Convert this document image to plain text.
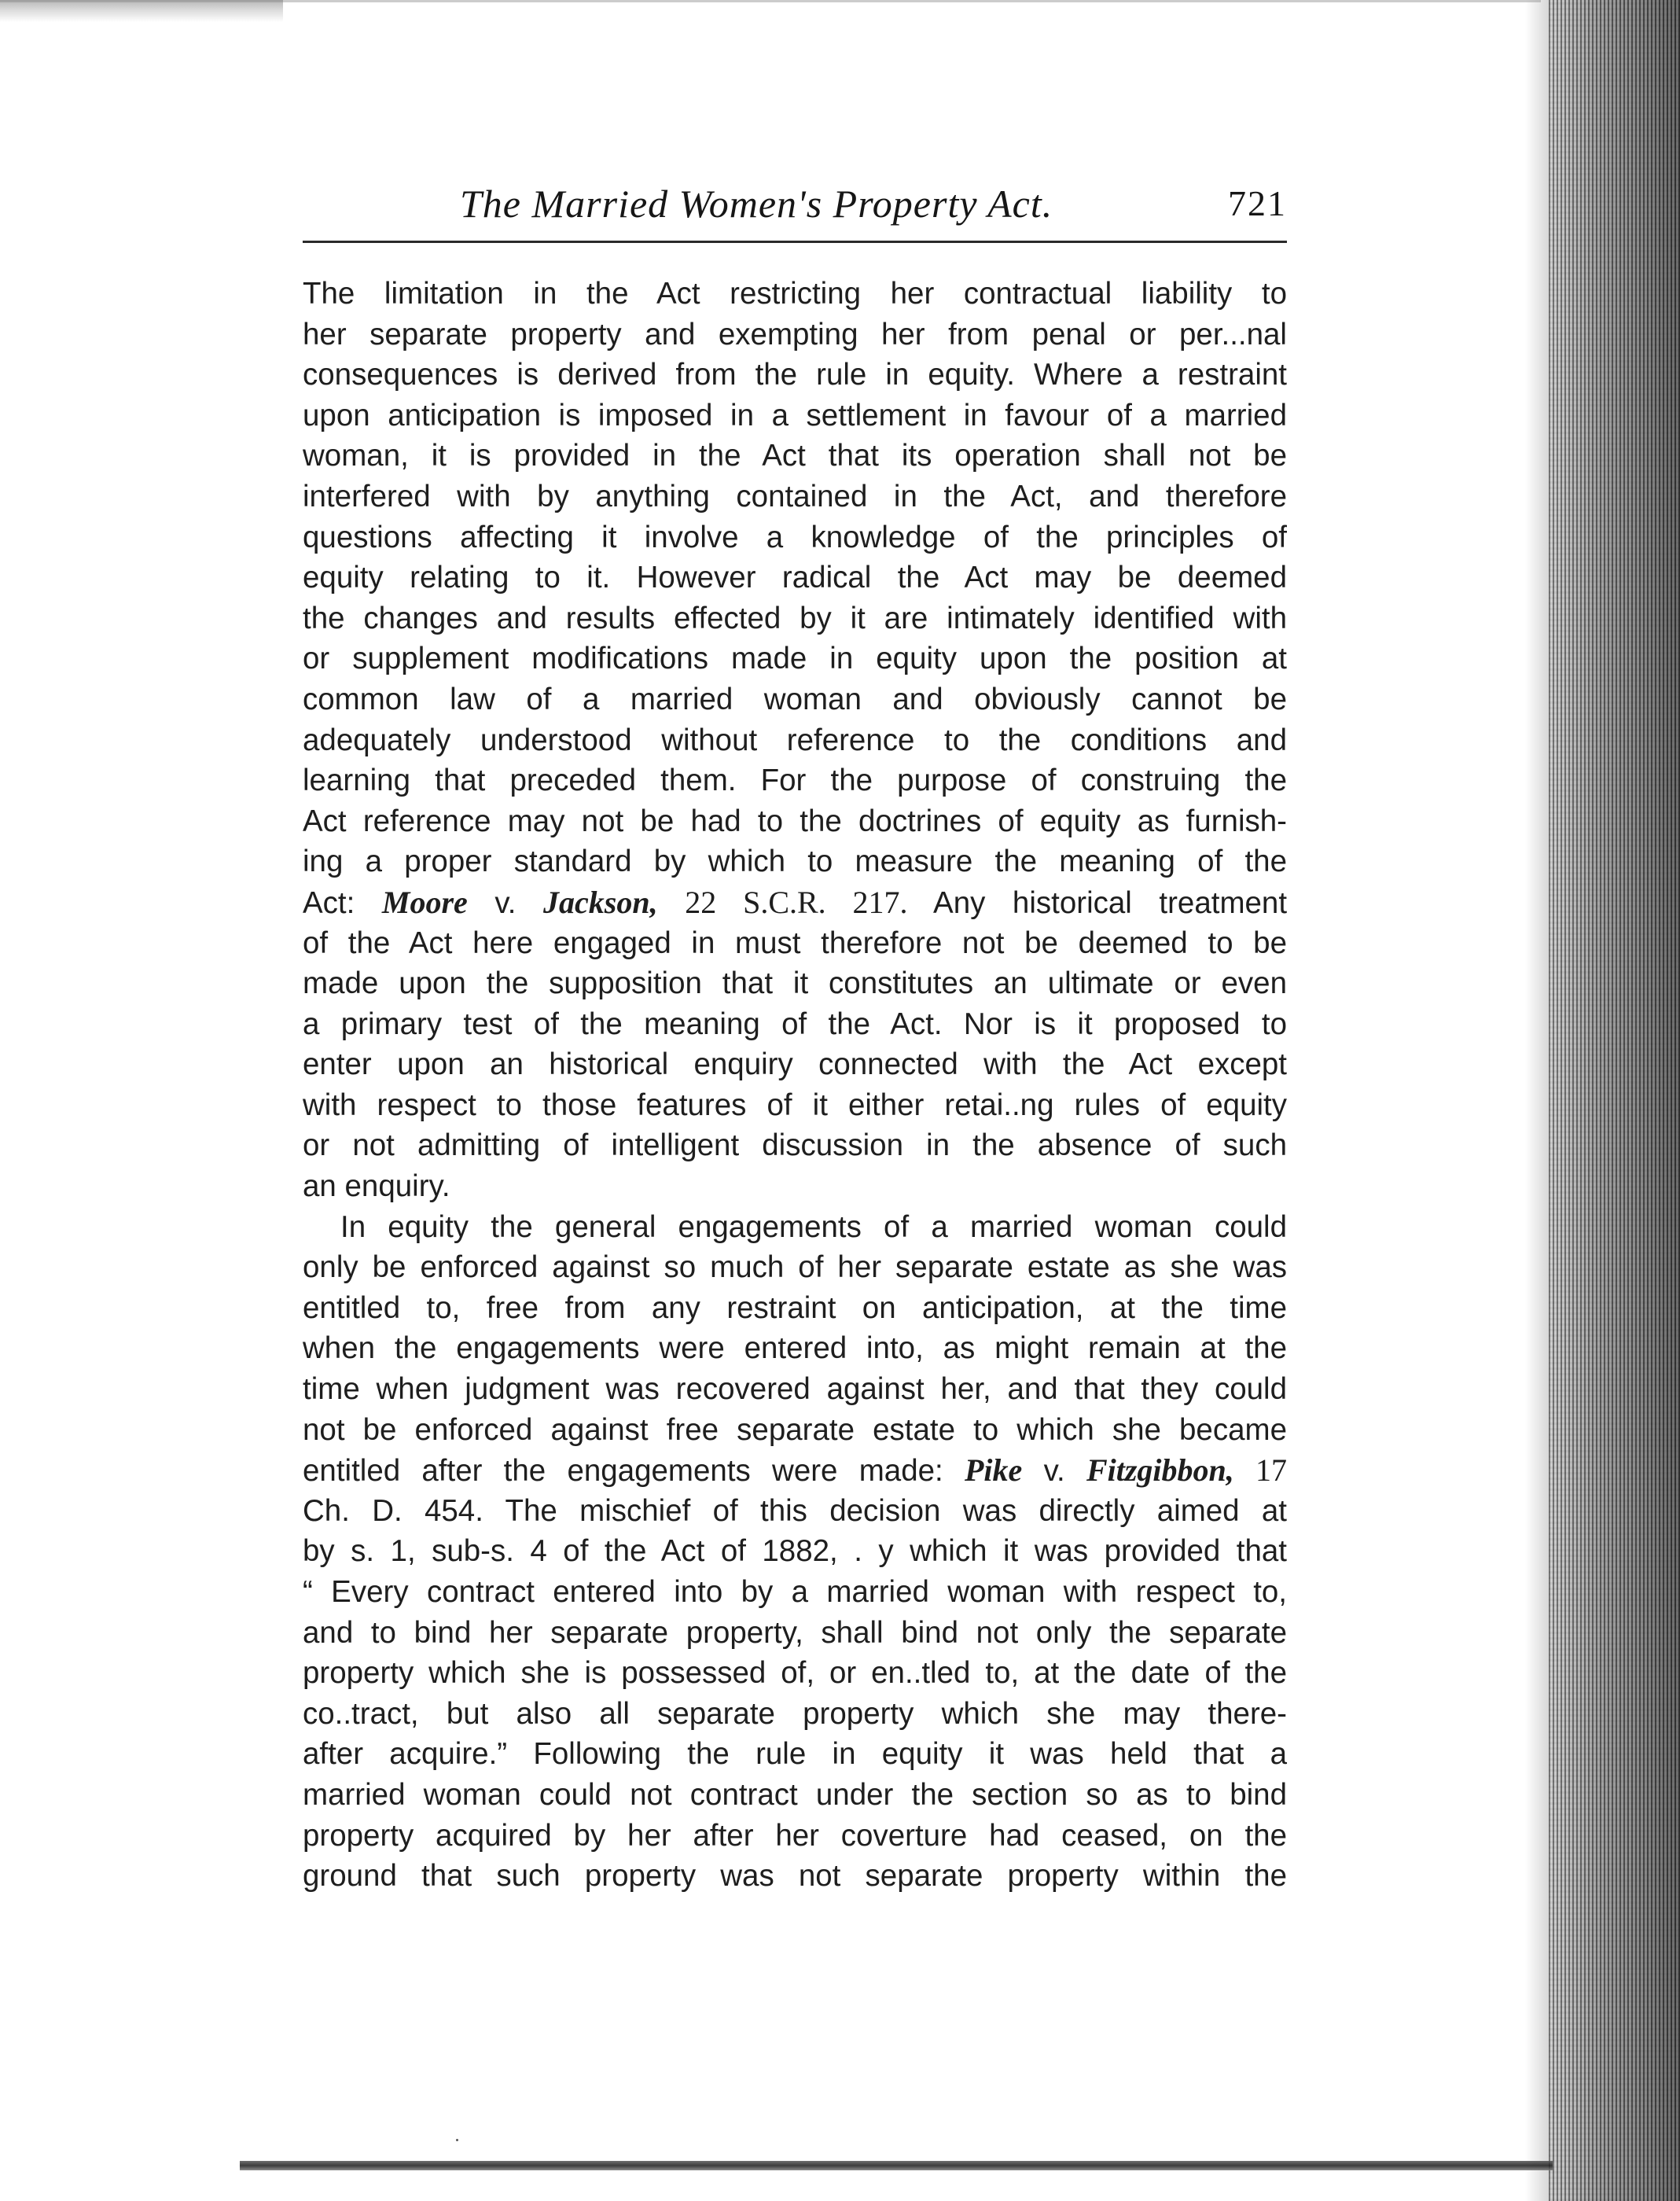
The Married Women's Property Act.	721
The limitation in the Act restricting her contractual liability to
her separate property and exempting her from penal or per...nal
consequences is derived from the rule in equity. Where a restraint
upon anticipation is imposed in a settlement in favour of a married
woman, it is provided in the Act that its operation shall not be
interfered with by anything contained in the Act, and therefore
questions affecting it involve a knowledge of the principles of
equity relating to it. However radical the Act may be deemed
the changes and results effected by it are intimately identified with
or supplement modifications made in equity upon the position at
common law of a married woman and obviously cannot be
adequately understood without reference to the conditions and
learning that preceded them. For the purpose of construing the
Act reference may not be had to the doctrines of equity as furnish-
ing a proper standard by which to measure the meaning of the
Act: Moore v. Jackson, 22 S.C.R. 217. Any historical treatment
of the Act here engaged in must therefore not be deemed to be
made upon the supposition that it constitutes an ultimate or even
a primary test of the meaning of the Act. Nor is it proposed to
enter upon an historical enquiry connected with the Act except
with respect to those features of it either retai..ng rules of equity
or not admitting of intelligent discussion in the absence of such
an enquiry.
In equity the general engagements of a married woman could
only be enforced against so much of her separate estate as she was
entitled to, free from any restraint on anticipation, at the time
when the engagements were entered into, as might remain at the
time when judgment was recovered against her, and that they could
not be enforced against free separate estate to which she became
entitled after the engagements were made: Pike v. Fitzgibbon, 17
Ch. D. 454. The mischief of this decision was directly aimed at
by s. 1, sub-s. 4 of the Act of 1882, . y which it was provided that
“ Every contract entered into by a married woman with respect to,
and to bind her separate property, shall bind not only the separate
property which she is possessed of, or en..tled to, at the date of the
co..tract, but also all separate property which she may there-
after acquire.” Following the rule in equity it was held that a
married woman could not contract under the section so as to bind
property acquired by her after her coverture had ceased, on the
ground that such property was not separate property within the
